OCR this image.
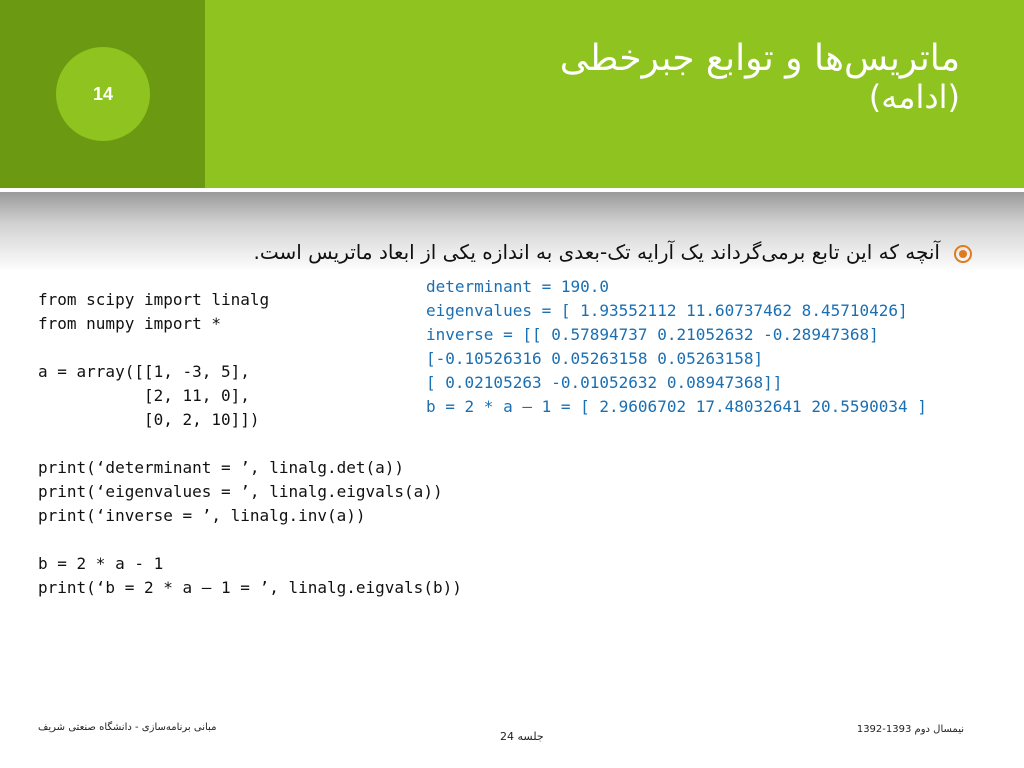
14
ماتریس‌ها و توابع جبرخطی
(ادامه)
آنچه که این تابع برمی‌گرداند یک آرایه تک-بعدی به اندازه یکی از ابعاد ماتریس است.
from scipy import linalg
from numpy import *

a = array([[1, -3, 5],
[2, 11, 0],
[0, 2, 10]])

print(‘determinant = ’, linalg.det(a))
print(‘eigenvalues = ’, linalg.eigvals(a))
print(‘inverse = ’, linalg.inv(a))

b = 2 * a - 1
print(‘b = 2 * a – 1 = ’, linalg.eigvals(b))
determinant = 190.0
eigenvalues = [ 1.93552112 11.60737462 8.45710426]
inverse = [[ 0.57894737 0.21052632 -0.28947368]
[-0.10526316 0.05263158 0.05263158]
[ 0.02105263 -0.01052632 0.08947368]]
b = 2 * a – 1 = [ 2.9606702 17.48032641 20.5590034 ]
مبانی برنامه‌سازی - دانشگاه صنعتی شریف
جلسه 24
نیمسال دوم 1393-1392
